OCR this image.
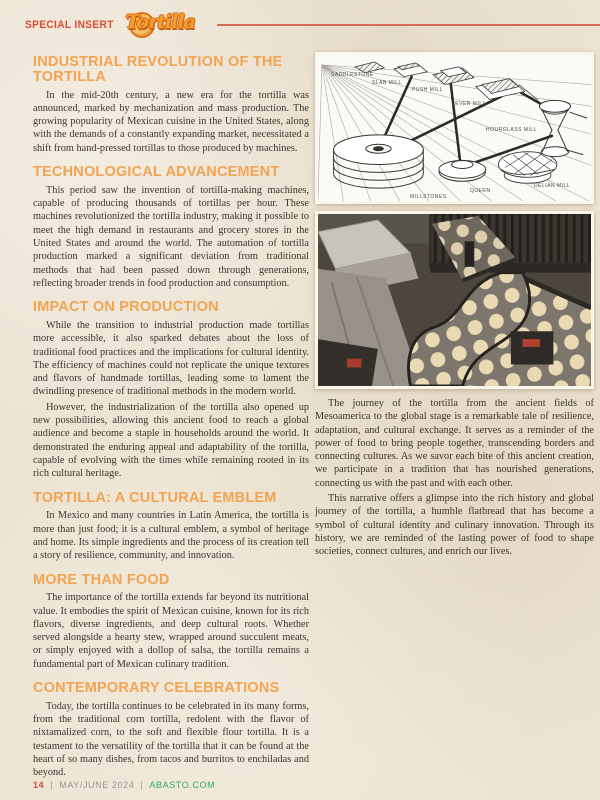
SPECIAL INSERT Tortilla
INDUSTRIAL REVOLUTION OF THE TORTILLA

In the mid-20th century, a new era for the tortilla was announced, marked by mechanization and mass production. The growing popularity of Mexican cuisine in the United States, along with the demands of a constantly expanding market, necessitated a shift from hand-pressed tortillas to those produced by machines.

TECHNOLOGICAL ADVANCEMENT

This period saw the invention of tortilla-making machines, capable of producing thousands of tortillas per hour. These machines revolutionized the tortilla industry, making it possible to meet the high demand in restaurants and grocery stores in the United States and around the world. The automation of tortilla production marked a significant deviation from traditional methods that had been passed down through generations, reflecting broader trends in food production and consumption.

IMPACT ON PRODUCTION

While the transition to industrial production made tortillas more accessible, it also sparked debates about the loss of traditional food practices and the implications for cultural identity. The efficiency of machines could not replicate the unique textures and flavors of handmade tortillas, leading some to lament the dwindling presence of traditional methods in the modern world.

However, the industrialization of the tortilla also opened up new possibilities, allowing this ancient food to reach a global audience and become a staple in households around the world. It demonstrated the enduring appeal and adaptability of the tortilla, capable of evolving with the times while remaining rooted in its rich cultural heritage.

TORTILLA: A CULTURAL EMBLEM

In Mexico and many countries in Latin America, the tortilla is more than just food; it is a cultural emblem, a symbol of heritage and home. Its simple ingredients and the process of its creation tell a story of resilience, community, and innovation.

MORE THAN FOOD

The importance of the tortilla extends far beyond its nutritional value. It embodies the spirit of Mexican cuisine, known for its rich flavors, diverse ingredients, and deep cultural roots. Whether served alongside a hearty stew, wrapped around succulent meats, or simply enjoyed with a dollop of salsa, the tortilla remains a fundamental part of Mexican culinary tradition.

CONTEMPORARY CELEBRATIONS

Today, the tortilla continues to be celebrated in its many forms, from the traditional corn tortilla, redolent with the flavor of nixtamalized corn, to the soft and flexible flour tortilla. It is a testament to the versatility of the tortilla that it can be found at the heart of so many dishes, from tacos and burritos to enchiladas and beyond.

SADDLESTONE
SLAB MILL
PUSH MILL
LEVER MILL
HOURGLASS MILL
DELIAN MILL
QUERN
MILLSTONES

The journey of the tortilla from the ancient fields of Mesoamerica to the global stage is a remarkable tale of resilience, adaptation, and cultural exchange. It serves as a reminder of the power of food to bring people together, transcending borders and connecting cultures. As we savor each bite of this ancient creation, we participate in a tradition that has nourished generations, connecting us with the past and with each other.

This narrative offers a glimpse into the rich history and global journey of the tortilla, a humble flatbread that has become a symbol of cultural identity and culinary innovation. Through its history, we are reminded of the lasting power of food to shape societies, connect cultures, and enrich our lives.

14 MAY/JUNE 2024 ABASTO.COM
